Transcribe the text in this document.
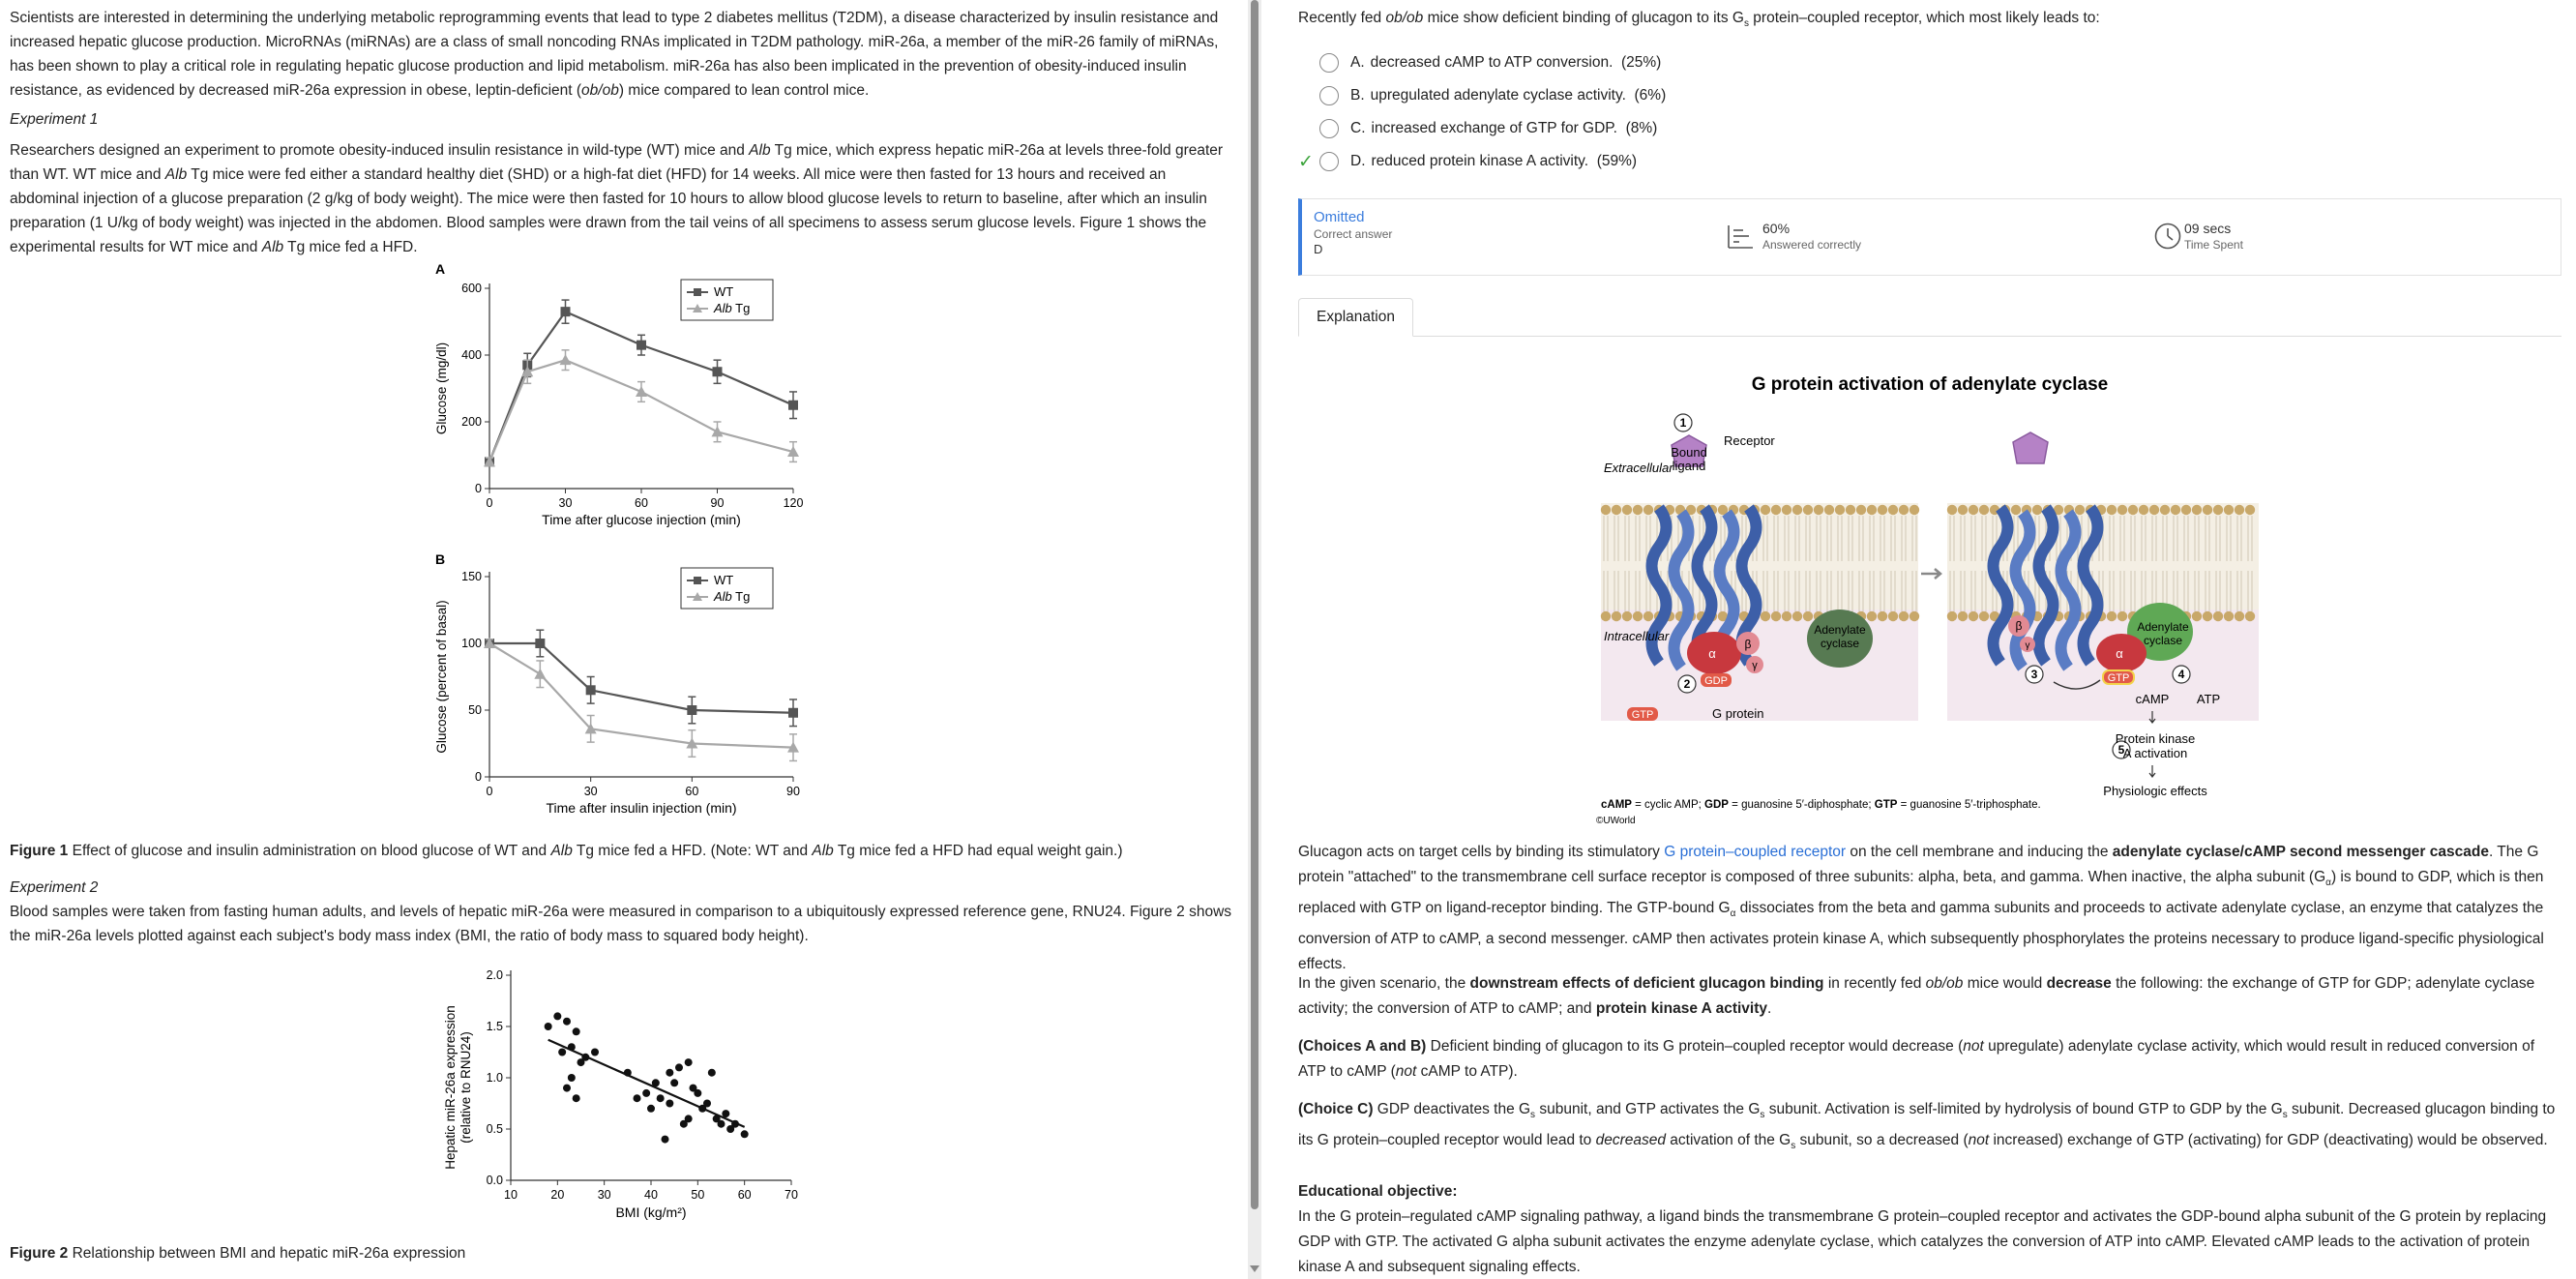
Scientists are interested in determining the underlying metabolic reprogramming events that lead to type 2 diabetes mellitus (T2DM), a disease characterized by insulin resistance and increased hepatic glucose production. MicroRNAs (miRNAs) are a class of small noncoding RNAs implicated in T2DM pathology. miR-26a, a member of the miR-26 family of miRNAs, has been shown to play a critical role in regulating hepatic glucose production and lipid metabolism. miR-26a has also been implicated in the prevention of obesity-induced insulin resistance, as evidenced by decreased miR-26a expression in obese, leptin-deficient (ob/ob) mice compared to lean control mice.

Experiment 1

Researchers designed an experiment to promote obesity-induced insulin resistance in wild-type (WT) mice and Alb Tg mice, which express hepatic miR-26a at levels three-fold greater than WT. WT mice and Alb Tg mice were fed either a standard healthy diet (SHD) or a high-fat diet (HFD) for 14 weeks. All mice were then fasted for 13 hours and received an abdominal injection of a glucose preparation (2 g/kg of body weight). The mice were then fasted for 10 hours to allow blood glucose levels to return to baseline, after which an insulin preparation (1 U/kg of body weight) was injected in the abdomen. Blood samples were drawn from the tail veins of all specimens to assess serum glucose levels. Figure 1 shows the experimental results for WT mice and Alb Tg mice fed a HFD.

A
0
200
400
600
0	30	60	90	120
Time after glucose injection (min)
Glucose (mg/dl)
WT
Alb Tg
B
0
50
100
150
0	30	60	90
Time after insulin injection (min)
Glucose (percent of basal)
WT
Alb Tg

Figure 1 Effect of glucose and insulin administration on blood glucose of WT and Alb Tg mice fed a HFD. (Note: WT and Alb Tg mice fed a HFD had equal weight gain.)

Experiment 2

Blood samples were taken from fasting human adults, and levels of hepatic miR-26a were measured in comparison to a ubiquitously expressed reference gene, RNU24. Figure 2 shows the miR-26a levels plotted against each subject's body mass index (BMI, the ratio of body mass to squared body height).

0.0
0.5
1.0
1.5
2.0
10	20	30	40	50	60	70
BMI (kg/m²)
Hepatic miR-26a expression (relative to RNU24)

Figure 2 Relationship between BMI and hepatic miR-26a expression

Recently fed ob/ob mice show deficient binding of glucagon to its $G_s$ protein–coupled receptor, which most likely leads to:

A. decreased cAMP to ATP conversion.
(25%)
B. upregulated adenylate cyclase activity.
(6%)
C. increased exchange of GTP for GDP.
(8%)
✓	D. reduced protein kinase A activity.
(59%)
Omitted
Correct answer
D
60%
Answered correctly
09 secs
Time Spent
Explanation
G protein activation of adenylate cyclase
Bound
ligand
Receptor
Extracellular
Intracellular
1
α
β
γ
GDP
2
GTP	G protein
Adenylate
cyclase
β
γ
Adenylate
cyclase
α
GTP
3	4
cAMP ATP
5
Protein kinase
A activation
Physiologic effects
cAMP = cyclic AMP; GDP = guanosine 5′-diphosphate; GTP = guanosine 5′-triphosphate.
©UWorld

Glucagon acts on target cells by binding its stimulatory G protein–coupled receptor on the cell membrane and inducing the adenylate cyclase/cAMP second messenger cascade. The G protein "attached" to the transmembrane cell surface receptor is composed of three subunits: alpha, beta, and gamma. When inactive, the alpha subunit $(G_\alpha)$ is bound to GDP, which is then replaced with GTP on ligand-receptor binding. The GTP-bound $G_\alpha$ dissociates from the beta and gamma subunits and proceeds to activate adenylate cyclase, an enzyme that catalyzes the conversion of ATP to cAMP, a second messenger. cAMP then activates protein kinase A, which subsequently phosphorylates the proteins necessary to produce ligand-specific physiological effects.

In the given scenario, the downstream effects of deficient glucagon binding in recently fed ob/ob mice would decrease the following: the exchange of GTP for GDP; adenylate cyclase activity; the conversion of ATP to cAMP; and protein kinase A activity.

(Choices A and B) Deficient binding of glucagon to its G protein–coupled receptor would decrease (not upregulate) adenylate cyclase activity, which would result in reduced conversion of ATP to cAMP (not cAMP to ATP).

(Choice C) GDP deactivates the $G_s$ subunit, and GTP activates the $G_s$ subunit. Activation is self-limited by hydrolysis of bound GTP to GDP by the $G_s$ subunit. Decreased glucagon binding to its G protein–coupled receptor would lead to decreased activation of the $G_s$ subunit, so a decreased (not increased) exchange of GTP (activating) for GDP (deactivating) would be observed.

Educational objective:

In the G protein–regulated cAMP signaling pathway, a ligand binds the transmembrane G protein–coupled receptor and activates the GDP-bound alpha subunit of the G protein by replacing GDP with GTP. The activated G alpha subunit activates the enzyme adenylate cyclase, which catalyzes the conversion of ATP into cAMP. Elevated cAMP leads to the activation of protein kinase A and subsequent signaling effects.
